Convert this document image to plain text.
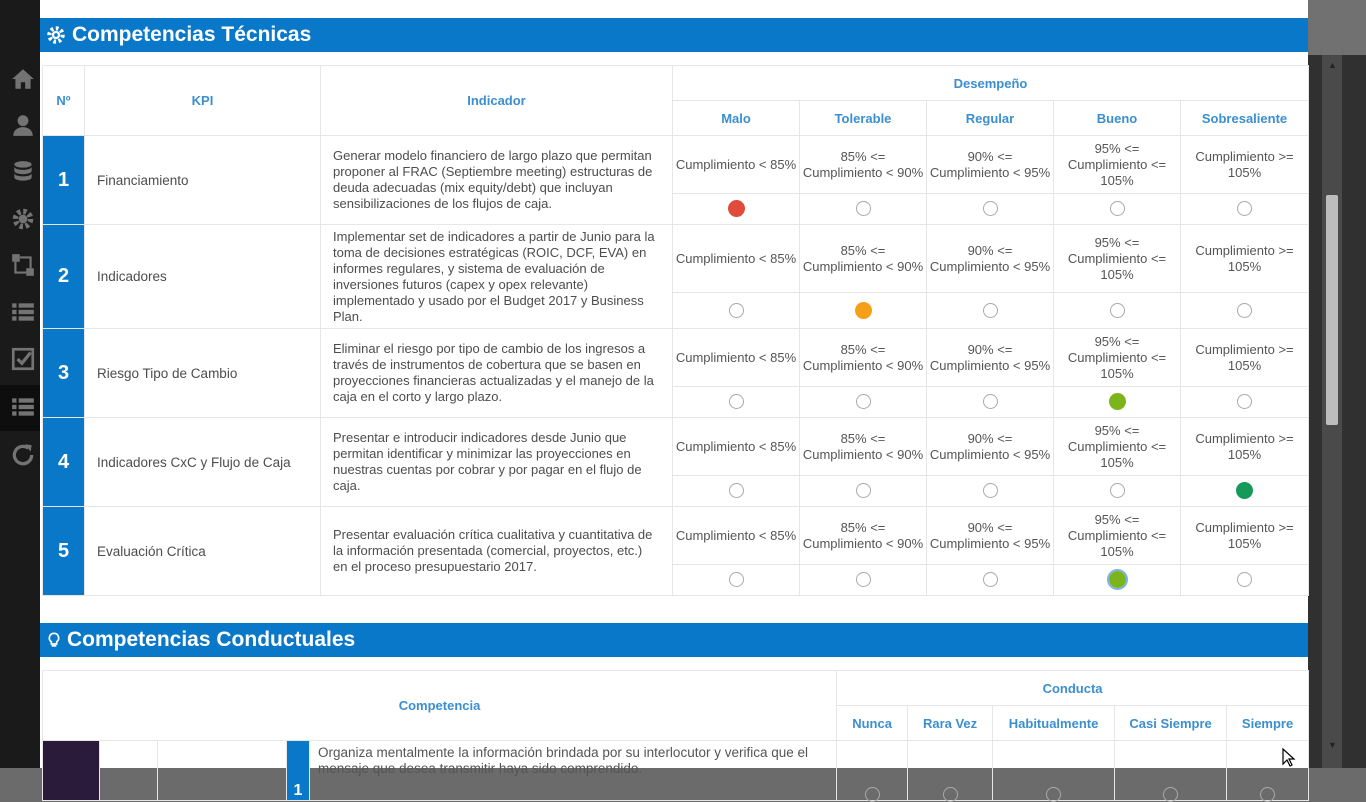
▲
▼
Competencias Técnicas
Nº	KPI	Indicador	Desempeño				
			Malo	Tolerable	Regular	Bueno	Sobresaliente
1	Financiamiento	Generar modelo financiero de largo plazo que permitan proponer al FRAC (Septiembre meeting) estructuras de deuda adecuadas (mix equity/debt) que incluyan sensibilizaciones de los flujos de caja.	Cumplimiento < 85%	85% <= Cumplimiento < 90%	90% <= Cumplimiento < 95%	95% <= Cumplimiento <= 105%	Cumplimiento >= 105%

2	Indicadores	Implementar set de indicadores a partir de Junio para la toma de decisiones estratégicas (ROIC, DCF, EVA) en informes regulares, y sistema de evaluación de inversiones futuros (capex y opex relevante) implementado y usado por el Budget 2017 y Business Plan.	Cumplimiento < 85%	85% <= Cumplimiento < 90%	90% <= Cumplimiento < 95%	95% <= Cumplimiento <= 105%	Cumplimiento >= 105%

3	Riesgo Tipo de Cambio	Eliminar el riesgo por tipo de cambio de los ingresos a través de instrumentos de cobertura que se basen en proyecciones financieras actualizadas y el manejo de la caja en el corto y largo plazo.	Cumplimiento < 85%	85% <= Cumplimiento < 90%	90% <= Cumplimiento < 95%	95% <= Cumplimiento <= 105%	Cumplimiento >= 105%

4	Indicadores CxC y Flujo de Caja	Presentar e introducir indicadores desde Junio que permitan identificar y minimizar las proyecciones en nuestras cuentas por cobrar y por pagar en el flujo de caja.	Cumplimiento < 85%	85% <= Cumplimiento < 90%	90% <= Cumplimiento < 95%	95% <= Cumplimiento <= 105%	Cumplimiento >= 105%

5	Evaluación Crítica	Presentar evaluación crítica cualitativa y cuantitativa de la información presentada (comercial, proyectos, etc.) en el proceso presupuestario 2017.	Cumplimiento < 85%	85% <= Cumplimiento < 90%	90% <= Cumplimiento < 95%	95% <= Cumplimiento <= 105%	Cumplimiento >= 105%

Competencias Conductuales
Competencia					Conducta				
					Nunca	Rara Vez	Habitualmente	Casi Siempre	Siempre
			1	Organiza mentalmente la información brindada por su interlocutor y verifica que el mensaje que desea transmitir haya sido comprendido.					
